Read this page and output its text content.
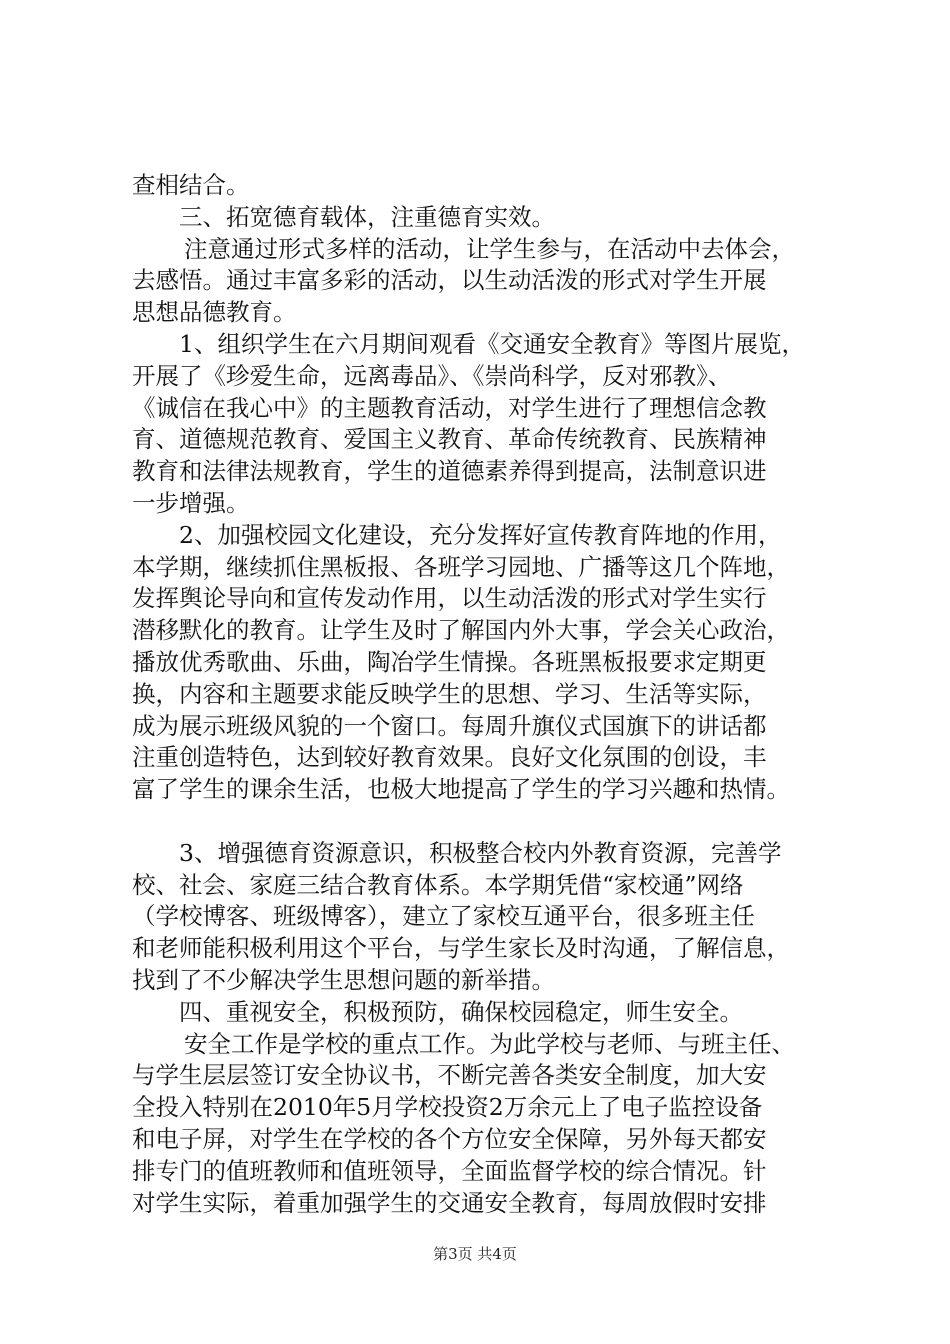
查相结合。
三、拓宽德育载体，注重德育实效。
注意通过形式多样的活动，让学生参与，在活动中去体会，
去感悟。通过丰富多彩的活动，以生动活泼的形式对学生开展
思想品德教育。
1、组织学生在六月期间观看《交通安全教育》等图片展览，
开展了《珍爱生命，远离毒品》、《崇尚科学，反对邪教》、
《诚信在我心中》的主题教育活动，对学生进行了理想信念教
育、道德规范教育、爱国主义教育、革命传统教育、民族精神
教育和法律法规教育，学生的道德素养得到提高，法制意识进
一步增强。
2、加强校园文化建设，充分发挥好宣传教育阵地的作用，
本学期，继续抓住黑板报、各班学习园地、广播等这几个阵地，
发挥舆论导向和宣传发动作用，以生动活泼的形式对学生实行
潜移默化的教育。让学生及时了解国内外大事，学会关心政治，
播放优秀歌曲、乐曲，陶冶学生情操。各班黑板报要求定期更
换，内容和主题要求能反映学生的思想、学习、生活等实际，
成为展示班级风貌的一个窗口。每周升旗仪式国旗下的讲话都
注重创造特色，达到较好教育效果。良好文化氛围的创设，丰
富了学生的课余生活，也极大地提高了学生的学习兴趣和热情。
3、增强德育资源意识，积极整合校内外教育资源，完善学
校、社会、家庭三结合教育体系。本学期凭借“家校通”网络
（学校博客、班级博客），建立了家校互通平台，很多班主任
和老师能积极利用这个平台，与学生家长及时沟通，了解信息，
找到了不少解决学生思想问题的新举措。
四、重视安全，积极预防，确保校园稳定，师生安全。
安全工作是学校的重点工作。为此学校与老师、与班主任、
与学生层层签订安全协议书，不断完善各类安全制度，加大安
全投入特别在2010年5月学校投资2万余元上了电子监控设备
和电子屏，对学生在学校的各个方位安全保障，另外每天都安
排专门的值班教师和值班领导，全面监督学校的综合情况。针
对学生实际，着重加强学生的交通安全教育，每周放假时安排
第3页 共4页
